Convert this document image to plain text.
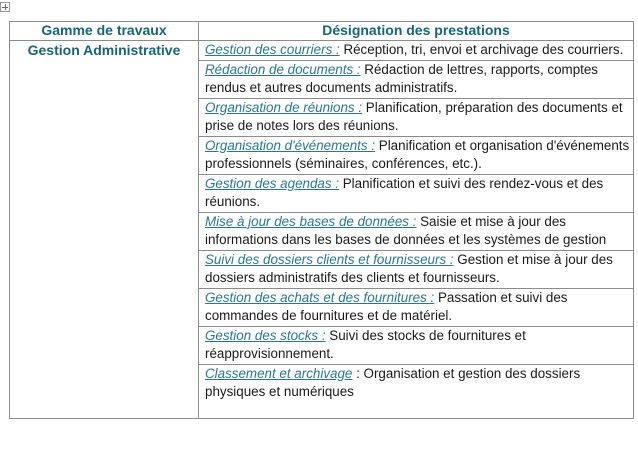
Gamme de travaux	Désignation des prestations
Gestion Administrative	Gestion des courriers : Réception, tri, envoi et archivage des courriers.
	Rédaction de documents : Rédaction de lettres, rapports, comptes rendus et autres documents administratifs.
	Organisation de réunions : Planification, préparation des documents et prise de notes lors des réunions.
	Organisation d'événements : Planification et organisation d'événements professionnels (séminaires, conférences, etc.).
	Gestion des agendas : Planification et suivi des rendez-vous et des réunions.
	Mise à jour des bases de données : Saisie et mise à jour des informations dans les bases de données et les systèmes de gestion
	Suivi des dossiers clients et fournisseurs : Gestion et mise à jour des dossiers administratifs des clients et fournisseurs.
	Gestion des achats et des fournitures : Passation et suivi des commandes de fournitures et de matériel.
	Gestion des stocks : Suivi des stocks de fournitures et réapprovisionnement.
	Classement et archivage : Organisation et gestion des dossiers physiques et numériques
